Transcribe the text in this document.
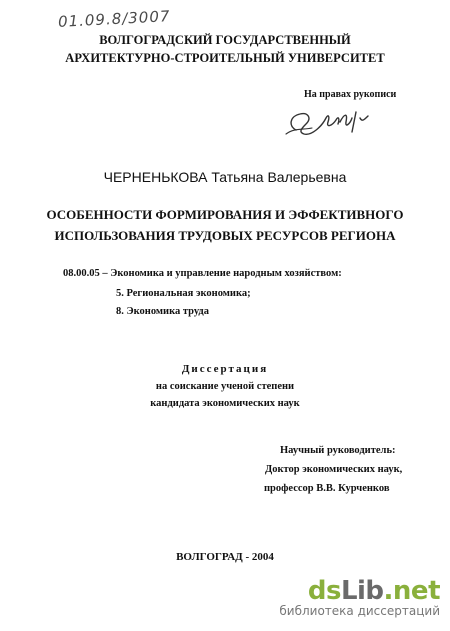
01.09.8/3007
ВОЛГОГРАДСКИЙ ГОСУДАРСТВЕННЫЙ
АРХИТЕКТУРНО-СТРОИТЕЛЬНЫЙ УНИВЕРСИТЕТ
На правах рукописи
ЧЕРНЕНЬКОВА Татьяна Валерьевна
ОСОБЕННОСТИ ФОРМИРОВАНИЯ И ЭФФЕКТИВНОГО
ИСПОЛЬЗОВАНИЯ ТРУДОВЫХ РЕСУРСОВ РЕГИОНА
08.00.05 – Экономика и управление народным хозяйством:
5. Региональная экономика;
8. Экономика труда
Диссертация
на соискание ученой степени
кандидата экономических наук
Научный руководитель:
Доктор экономических наук,
профессор В.В. Курченков
ВОЛГОГРАД - 2004
dsLib.net
библиотека диссертаций
